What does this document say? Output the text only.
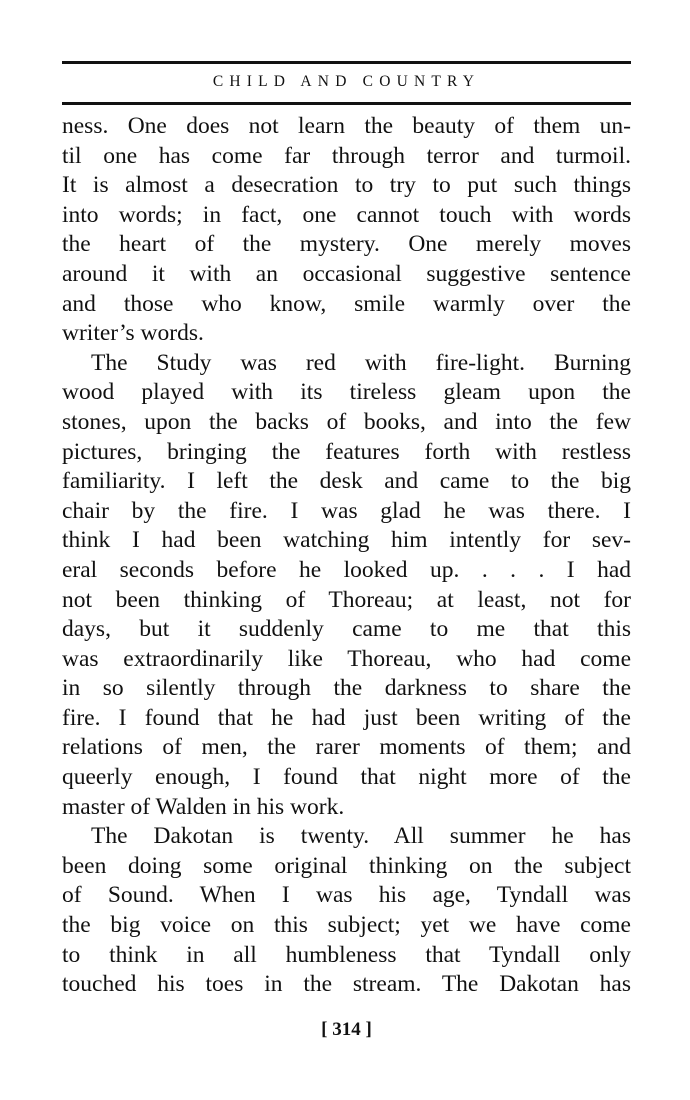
CHILD AND COUNTRY
ness. One does not learn the beauty of them un-
til one has come far through terror and turmoil.
It is almost a desecration to try to put such things
into words; in fact, one cannot touch with words
the heart of the mystery. One merely moves
around it with an occasional suggestive sentence
and those who know, smile warmly over the
writer’s words.
The Study was red with fire-light. Burning
wood played with its tireless gleam upon the
stones, upon the backs of books, and into the few
pictures, bringing the features forth with restless
familiarity. I left the desk and came to the big
chair by the fire. I was glad he was there. I
think I had been watching him intently for sev-
eral seconds before he looked up. . . . I had
not been thinking of Thoreau; at least, not for
days, but it suddenly came to me that this
was extraordinarily like Thoreau, who had come
in so silently through the darkness to share the
fire. I found that he had just been writing of the
relations of men, the rarer moments of them; and
queerly enough, I found that night more of the
master of Walden in his work.
The Dakotan is twenty. All summer he has
been doing some original thinking on the subject
of Sound. When I was his age, Tyndall was
the big voice on this subject; yet we have come
to think in all humbleness that Tyndall only
touched his toes in the stream. The Dakotan has
[ 314 ]
